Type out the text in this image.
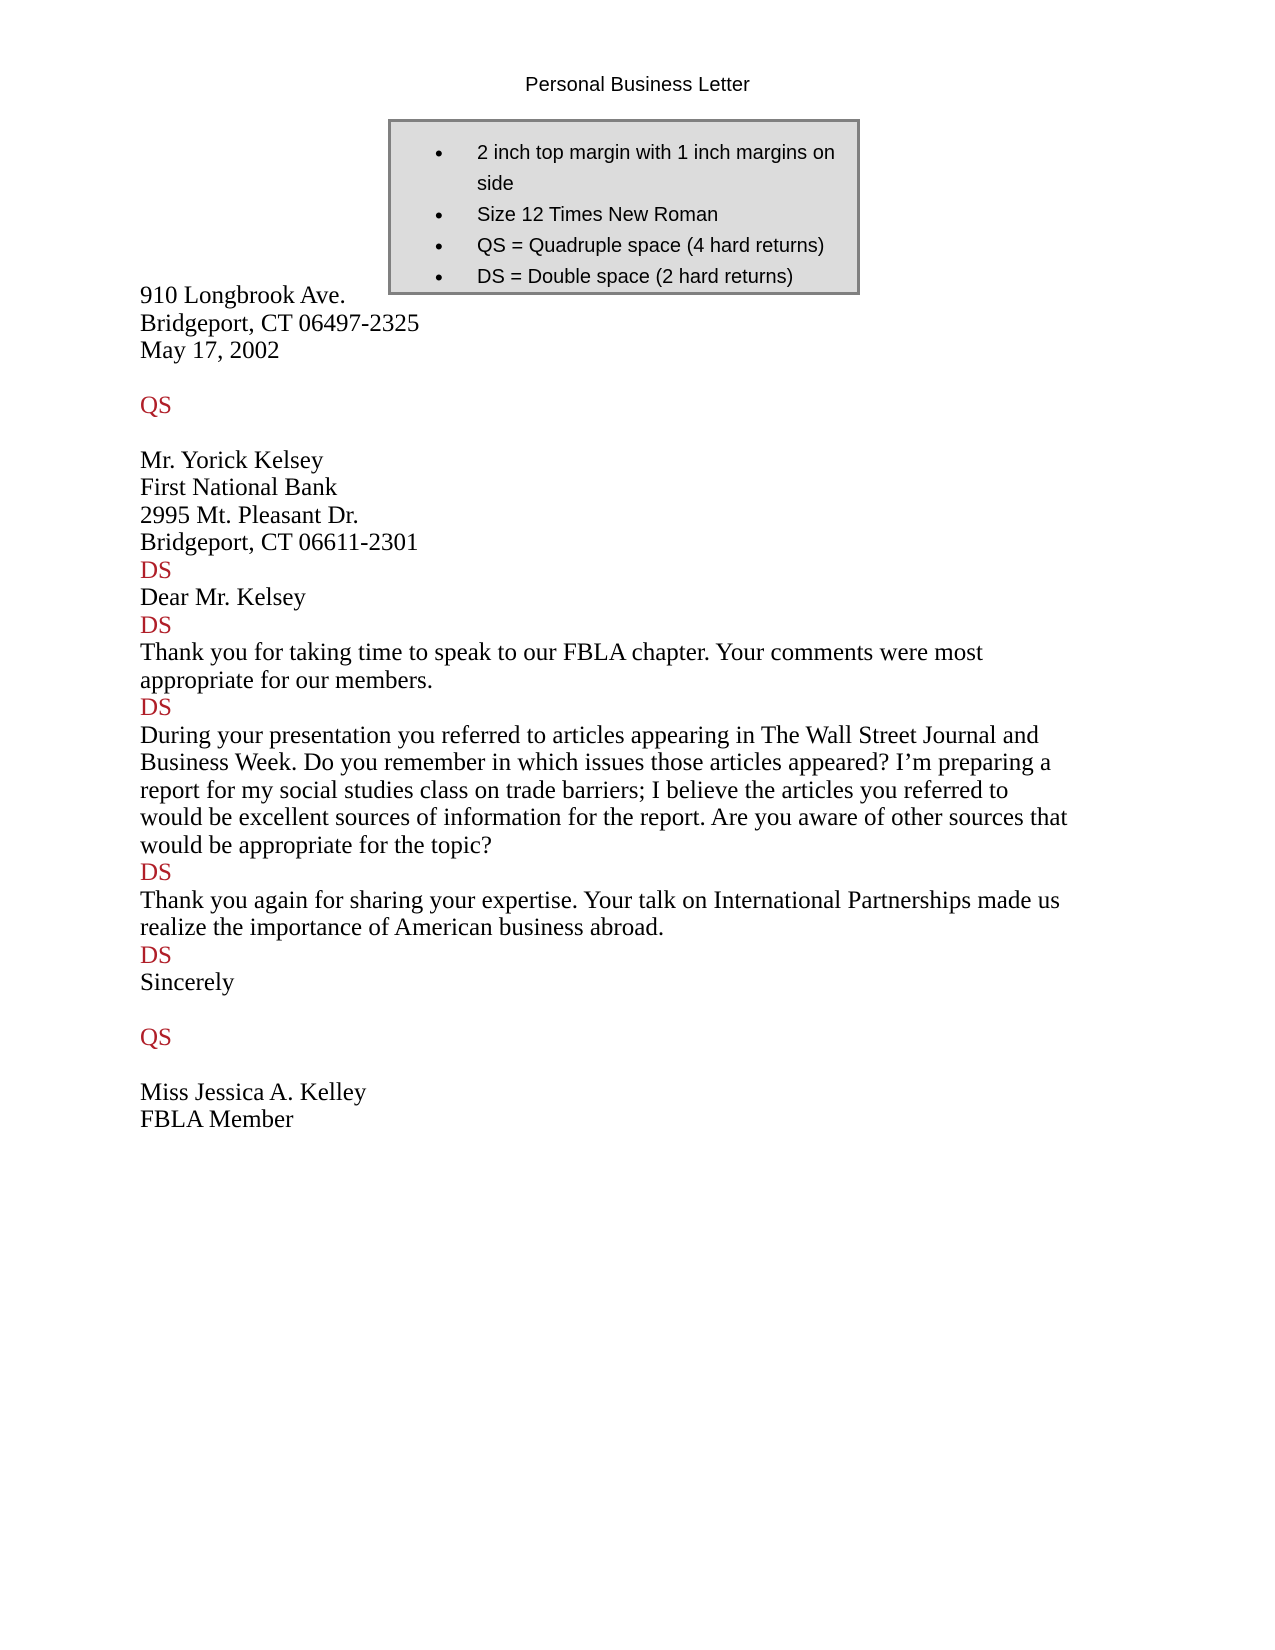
Personal Business Letter
•	2 inch top margin with 1 inch margins on side
•	Size 12 Times New Roman
•	QS = Quadruple space (4 hard returns)
•	DS = Double space (2 hard returns)
910 Longbrook Ave.
Bridgeport, CT 06497-2325
May 17, 2002
QS
Mr. Yorick Kelsey
First National Bank
2995 Mt. Pleasant Dr.
Bridgeport, CT 06611-2301
DS
Dear Mr. Kelsey
DS

Thank you for taking time to speak to our FBLA chapter. Your comments were most appropriate for our members.

DS

During your presentation you referred to articles appearing in The Wall Street Journal and Business Week. Do you remember in which issues those articles appeared? I’m preparing a report for my social studies class on trade barriers; I believe the articles you referred to would be excellent sources of information for the report. Are you aware of other sources that would be appropriate for the topic?

DS

Thank you again for sharing your expertise. Your talk on International Partnerships made us realize the importance of American business abroad.

DS
Sincerely
QS
Miss Jessica A. Kelley
FBLA Member
